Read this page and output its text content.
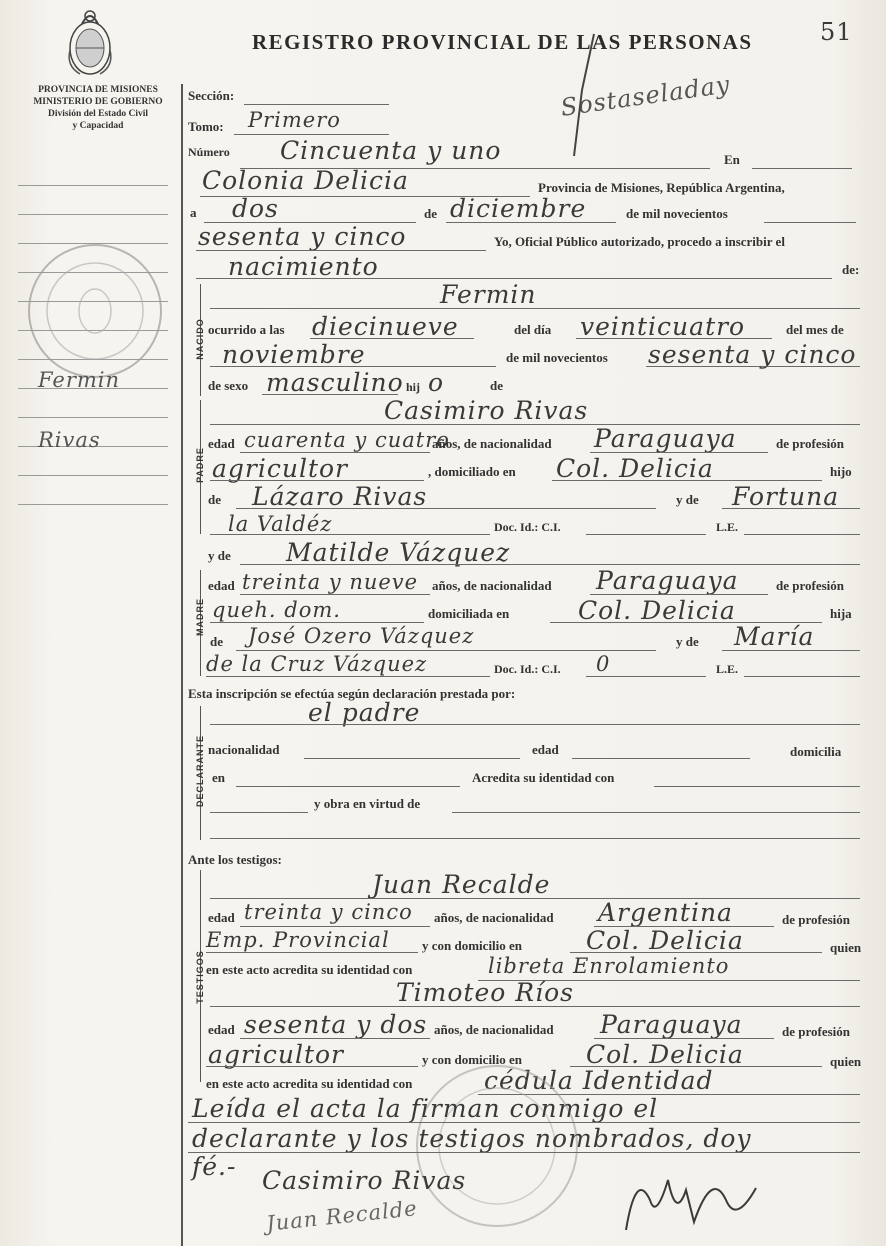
PROVINCIA DE MISIONES
MINISTERIO DE GOBIERNO
División del Estado Civil
y Capacidad
REGISTRO PROVINCIAL DE LAS PERSONAS	51
Sostaseladay
Fermin
Rivas
Sección:
Tomo: Primero
Número Cincuenta y uno	En
Colonia Delicia	Provincia de Misiones, República Argentina,
a dos	de diciembre	de mil novecientos
sesenta y cinco	Yo, Oficial Público autorizado, procedo a inscribir el
nacimiento	de:
NACIDO
Fermin
ocurrido a las diecinueve	del día veinticuatro	del mes de
noviembre	de mil novecientos sesenta y cinco
de sexo masculino hij o	de
PADRE
Casimiro Rivas
edad cuarenta y cuatro
años, de nacionalidad Paraguaya	de profesión
agricultor	, domiciliado en Col. Delicia	hijo
de Lázaro Rivas	y de Fortuna
la Valdéz	Doc. Id.: C.I.	L.E.
y de Matilde Vázquez
MADRE
edad treinta y nueve años, de nacionalidad Paraguaya	de profesión
queh. dom.	domiciliada en	Col. Delicia	hija
de José Ozero Vázquez	y de María
de la Cruz Vázquez	Doc. Id.: C.I. 0	L.E.
Esta inscripción se efectúa según declaración prestada por:
DECLARANTE
el padre
nacionalidad	edad	domicilia
en	Acredita su identidad con
y obra en virtud de
Ante los testigos:
TESTIGOS
Juan Recalde
edad treinta y cinco años, de nacionalidad Argentina	de profesión
Emp. Provincial y con domicilio en	Col. Delicia	quien
en este acto acredita su identidad con	libreta Enrolamiento
Timoteo Ríos
edad sesenta y dos años, de nacionalidad Paraguaya	de profesión
agricultor	y con domicilio en	Col. Delicia	quien
en este acto acredita su identidad con	cédula Identidad
Leída el acta la firman conmigo el
declarante y los testigos nombrados, doy
fé.- Casimiro Rivas
Juan Recalde
